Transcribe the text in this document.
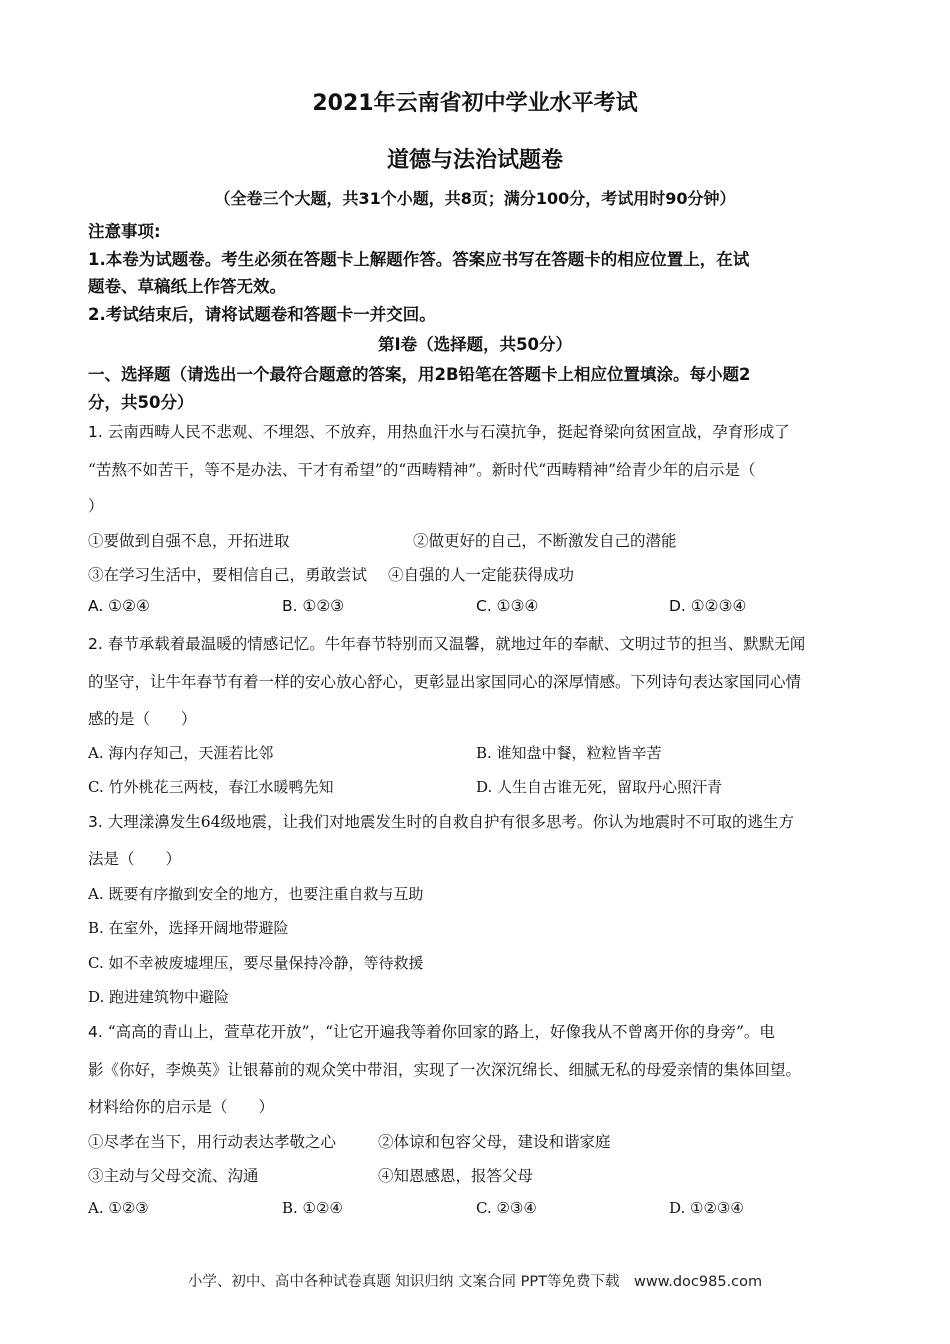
2021年云南省初中学业水平考试
道德与法治试题卷
（全卷三个大题，共31个小题，共8页；满分100分，考试用时90分钟）
注意事项:
1.本卷为试题卷。考生必须在答题卡上解题作答。答案应书写在答题卡的相应位置上，在试
题卷、草稿纸上作答无效。
2.考试结束后，请将试题卷和答题卡一并交回。
第Ⅰ卷（选择题，共50分）
一、选择题（请选出一个最符合题意的答案，用2B铅笔在答题卡上相应位置填涂。每小题2
分，共50分）
1. 云南西畴人民不悲观、不埋怨、不放弃，用热血汗水与石漠抗争，挺起脊梁向贫困宣战，孕育形成了
“苦熬不如苦干，等不是办法、干才有希望”的“西畴精神”。新时代“西畴精神”给青少年的启示是（
）
①要做到自强不息，开拓进取	②做更好的自己，不断激发自己的潜能
③在学习生活中，要相信自己，勇敢尝试 ④自强的人一定能获得成功
A. ①②④	B. ①②③	C. ①③④	D. ①②③④
2. 春节承载着最温暖的情感记忆。牛年春节特别而又温馨，就地过年的奉献、文明过节的担当、默默无闻
的坚守，让牛年春节有着一样的安心放心舒心，更彰显出家国同心的深厚情感。下列诗句表达家国同心情
感的是（　　）
A. 海内存知己，天涯若比邻	B. 谁知盘中餐，粒粒皆辛苦
C. 竹外桃花三两枝，春江水暖鸭先知	D. 人生自古谁无死，留取丹心照汗青
3. 大理漾濞发生64级地震，让我们对地震发生时的自救自护有很多思考。你认为地震时不可取的逃生方
法是（　　）
A. 既要有序撤到安全的地方，也要注重自救与互助
B. 在室外，选择开阔地带避险
C. 如不幸被废墟埋压，要尽量保持冷静，等待救援
D. 跑进建筑物中避险
4. “高高的青山上，萱草花开放”，“让它开遍我等着你回家的路上，好像我从不曾离开你的身旁”。电
影《你好，李焕英》让银幕前的观众笑中带泪，实现了一次深沉绵长、细腻无私的母爱亲情的集体回望。
材料给你的启示是（　　）
①尽孝在当下，用行动表达孝敬之心	②体谅和包容父母，建设和谐家庭
③主动与父母交流、沟通	④知恩感恩，报答父母
A. ①②③	B. ①②④	C. ②③④	D. ①②③④
小学、初中、高中各种试卷真题 知识归纳 文案合同 PPT等免费下载　www.doc985.com
